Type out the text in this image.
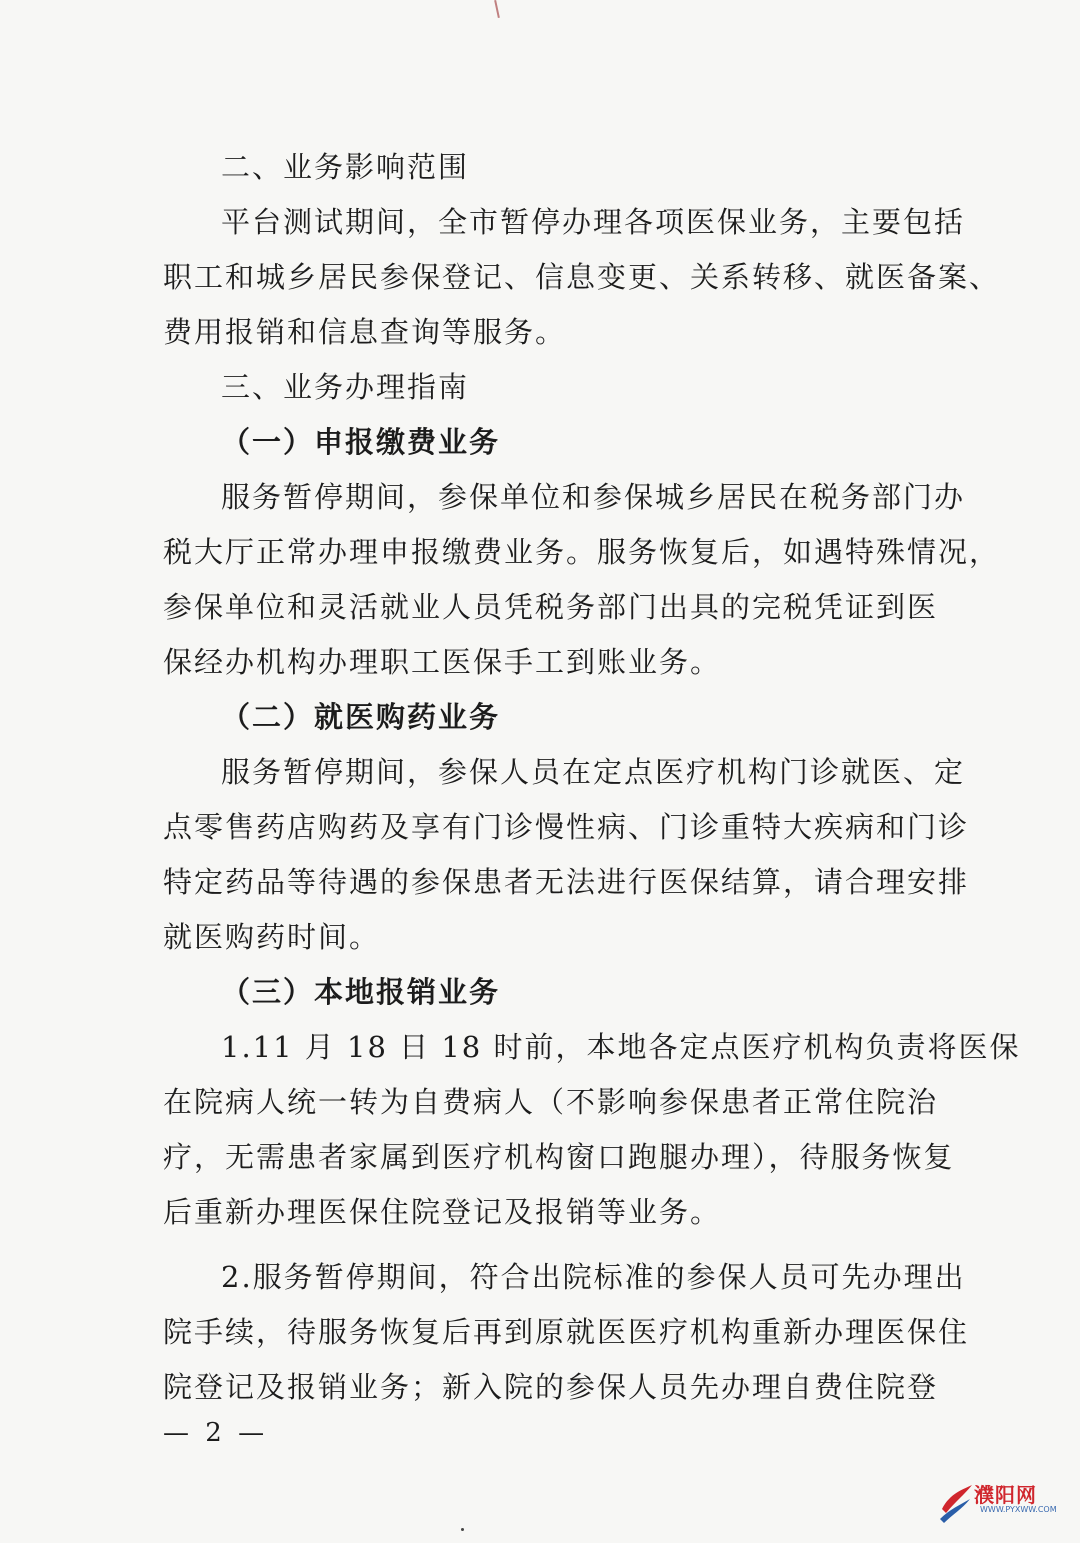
二、业务影响范围
平台测试期间，全市暂停办理各项医保业务，主要包括
职工和城乡居民参保登记、信息变更、关系转移、就医备案、
费用报销和信息查询等服务。
三、业务办理指南
（一）申报缴费业务
服务暂停期间，参保单位和参保城乡居民在税务部门办
税大厅正常办理申报缴费业务。服务恢复后，如遇特殊情况，
参保单位和灵活就业人员凭税务部门出具的完税凭证到医
保经办机构办理职工医保手工到账业务。
（二）就医购药业务
服务暂停期间，参保人员在定点医疗机构门诊就医、定
点零售药店购药及享有门诊慢性病、门诊重特大疾病和门诊
特定药品等待遇的参保患者无法进行医保结算，请合理安排
就医购药时间。
（三）本地报销业务
1.11 月 18 日 18 时前，本地各定点医疗机构负责将医保
在院病人统一转为自费病人（不影响参保患者正常住院治
疗，无需患者家属到医疗机构窗口跑腿办理），待服务恢复
后重新办理医保住院登记及报销等业务。
2.服务暂停期间，符合出院标准的参保人员可先办理出
院手续，待服务恢复后再到原就医医疗机构重新办理医保住
院登记及报销业务；新入院的参保人员先办理自费住院登
— 2 —
濮阳网
WWW.PYXWW.COM
